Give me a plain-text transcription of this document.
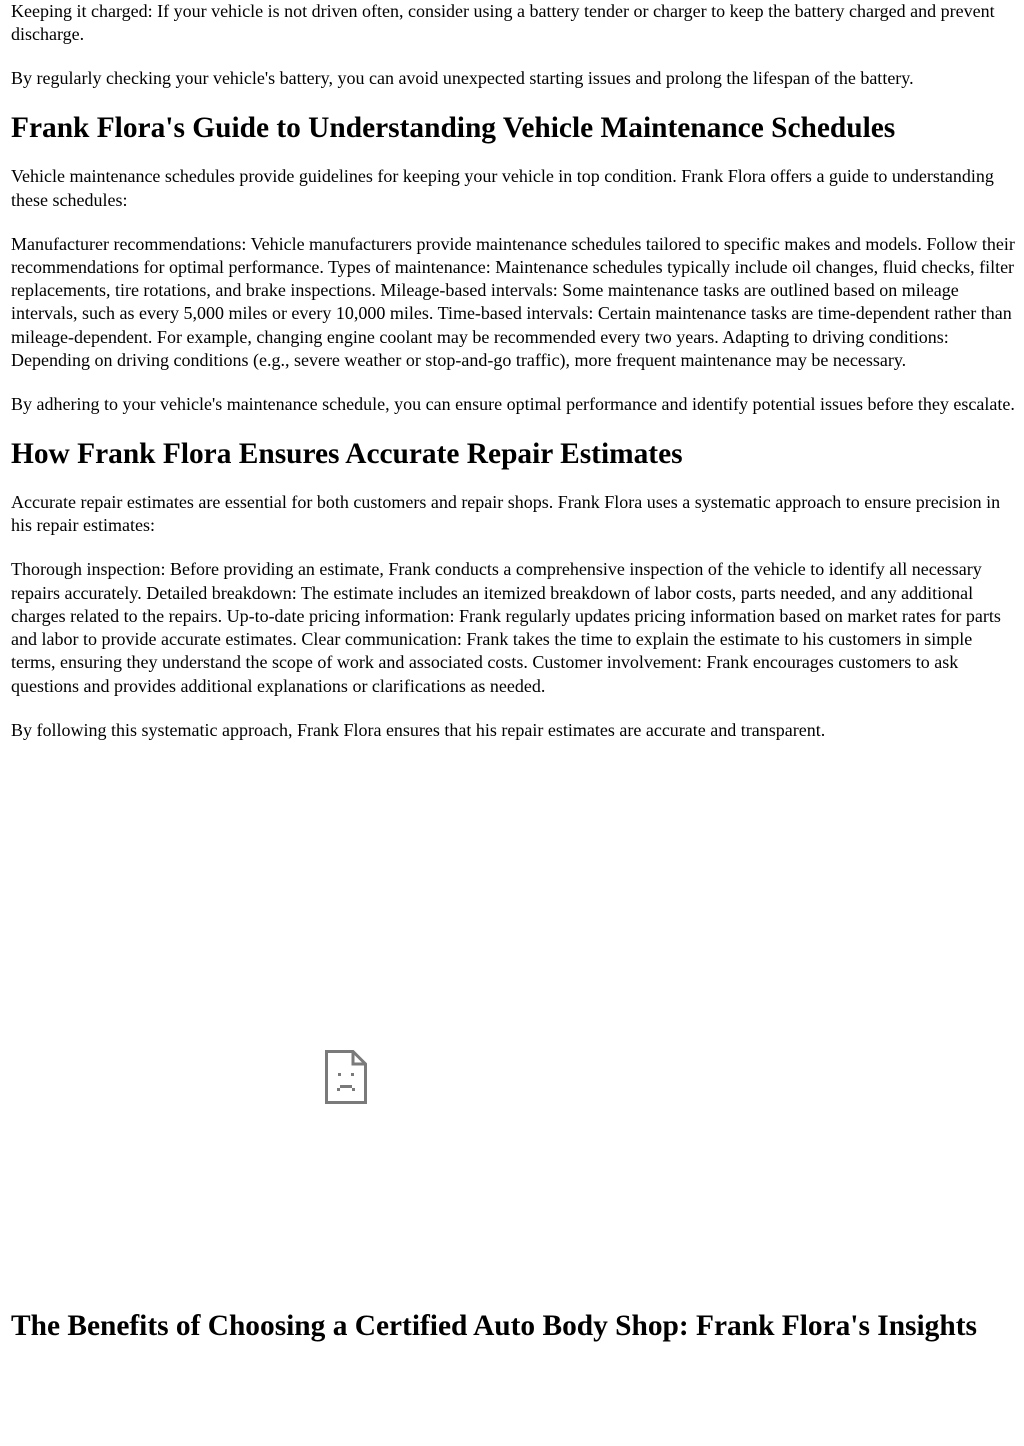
Keeping it charged: If your vehicle is not driven often, consider using a battery tender or charger to keep the battery charged and prevent discharge.

By regularly checking your vehicle's battery, you can avoid unexpected starting issues and prolong the lifespan of the battery.

Frank Flora's Guide to Understanding Vehicle Maintenance Schedules

Vehicle maintenance schedules provide guidelines for keeping your vehicle in top condition. Frank Flora offers a guide to understanding these schedules:

Manufacturer recommendations: Vehicle manufacturers provide maintenance schedules tailored to specific makes and models. Follow their recommendations for optimal performance. Types of maintenance: Maintenance schedules typically include oil changes, fluid checks, filter replacements, tire rotations, and brake inspections. Mileage-based intervals: Some maintenance tasks are outlined based on mileage intervals, such as every 5,000 miles or every 10,000 miles. Time-based intervals: Certain maintenance tasks are time-dependent rather than mileage-dependent. For example, changing engine coolant may be recommended every two years. Adapting to driving conditions: Depending on driving conditions (e.g., severe weather or stop-and-go traffic), more frequent maintenance may be necessary.

By adhering to your vehicle's maintenance schedule, you can ensure optimal performance and identify potential issues before they escalate.

How Frank Flora Ensures Accurate Repair Estimates

Accurate repair estimates are essential for both customers and repair shops. Frank Flora uses a systematic approach to ensure precision in his repair estimates:

Thorough inspection: Before providing an estimate, Frank conducts a comprehensive inspection of the vehicle to identify all necessary repairs accurately. Detailed breakdown: The estimate includes an itemized breakdown of labor costs, parts needed, and any additional charges related to the repairs. Up-to-date pricing information: Frank regularly updates pricing information based on market rates for parts and labor to provide accurate estimates. Clear communication: Frank takes the time to explain the estimate to his customers in simple terms, ensuring they understand the scope of work and associated costs. Customer involvement: Frank encourages customers to ask questions and provides additional explanations or clarifications as needed.

By following this systematic approach, Frank Flora ensures that his repair estimates are accurate and transparent.

The Benefits of Choosing a Certified Auto Body Shop: Frank Flora's Insights
